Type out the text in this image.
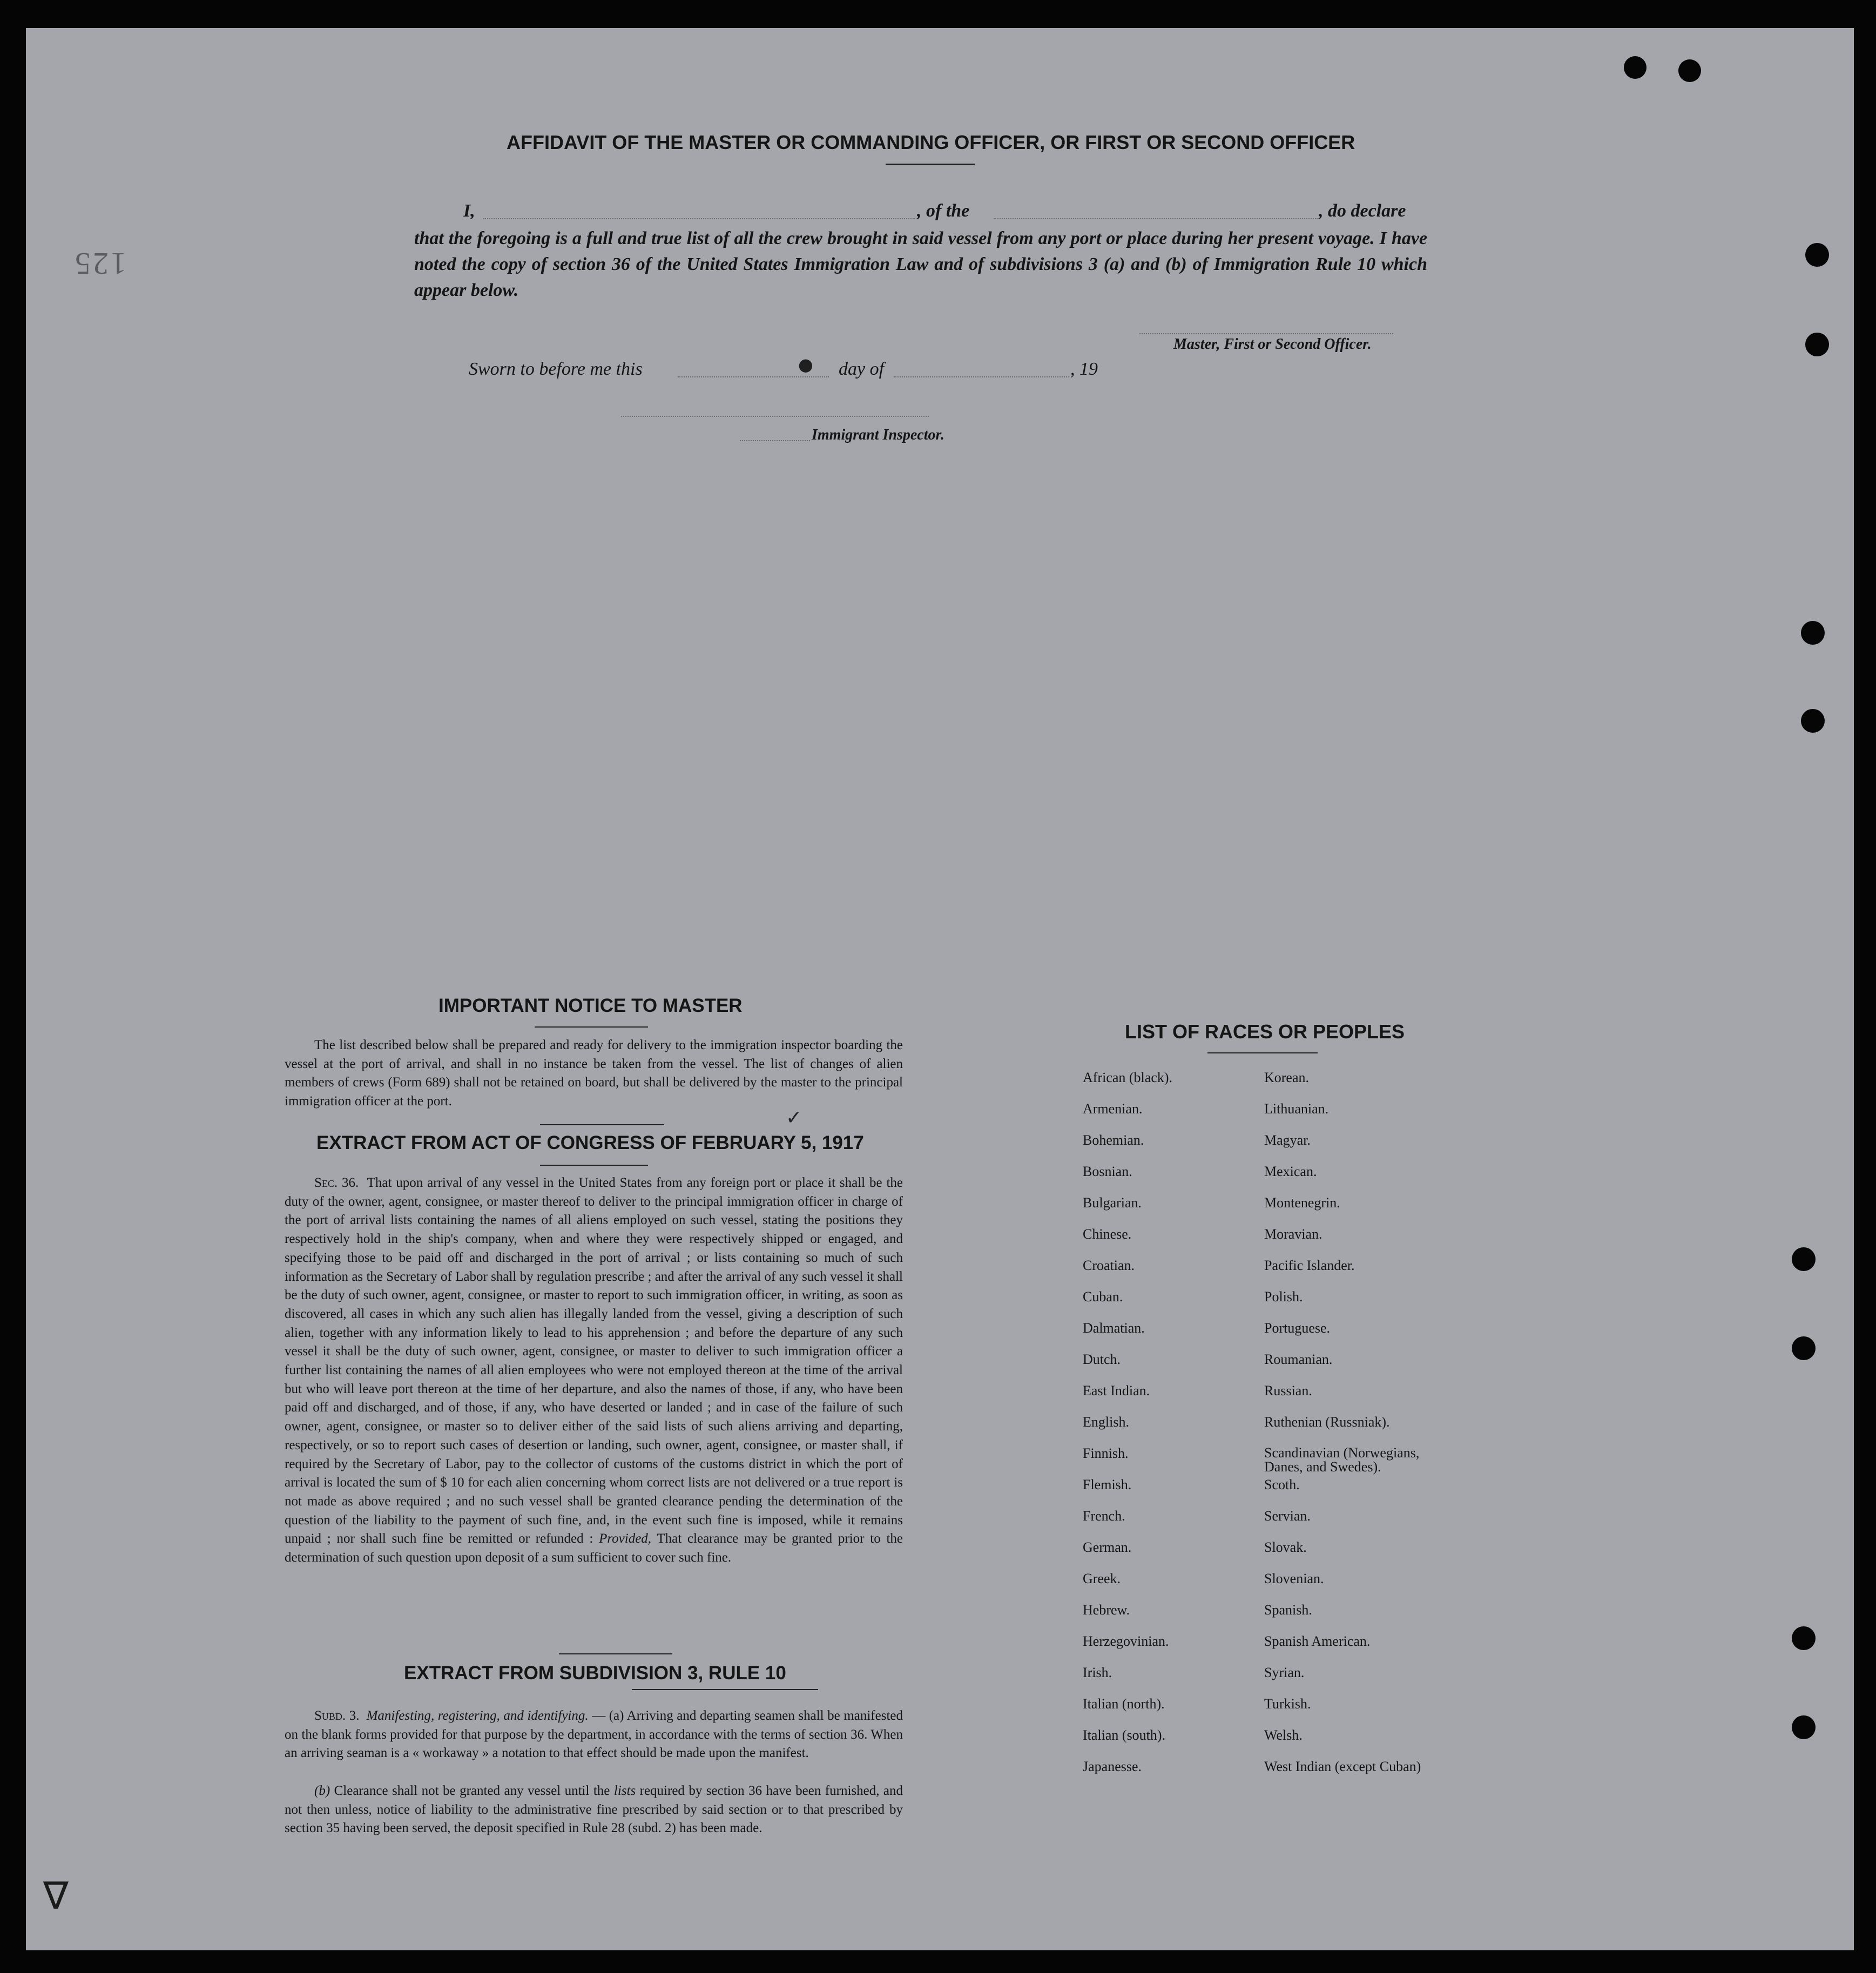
125
AFFIDAVIT OF THE MASTER OR COMMANDING OFFICER, OR FIRST OR SECOND OFFICER
I,	, of the	, do declare
that the foregoing is a full and true list of all the crew brought in said vessel from any port or place during her present voyage. I have noted the copy of section 36 of the United States Immigration Law and of subdivisions 3 (a) and (b) of Immigration Rule 10 which appear below.
Master, First or Second Officer.
Sworn to before me this	● day of	, 19
Immigrant Inspector.
IMPORTANT NOTICE TO MASTER
The list described below shall be prepared and ready for delivery to the immigration inspector boarding the vessel at the port of arrival, and shall in no instance be taken from the vessel. The list of changes of alien members of crews (Form 689) shall not be retained on board, but shall be delivered by the master to the principal immigration officer at the port.
EXTRACT FROM ACT OF CONGRESS OF FEBRUARY 5, 1917
Sec. 36. That upon arrival of any vessel in the United States from any foreign port or place it shall be the duty of the owner, agent, consignee, or master thereof to deliver to the principal immigration officer in charge of the port of arrival lists containing the names of all aliens employed on such vessel, stating the positions they respectively hold in the ship's company, when and where they were respectively shipped or engaged, and specifying those to be paid off and discharged in the port of arrival ; or lists containing so much of such information as the Secretary of Labor shall by regulation prescribe ; and after the arrival of any such vessel it shall be the duty of such owner, agent, consignee, or master to report to such immigration officer, in writing, as soon as discovered, all cases in which any such alien has illegally landed from the vessel, giving a description of such alien, together with any information likely to lead to his apprehension ; and before the departure of any such vessel it shall be the duty of such owner, agent, consignee, or master to deliver to such immigration officer a further list containing the names of all alien employees who were not employed thereon at the time of the arrival but who will leave port thereon at the time of her departure, and also the names of those, if any, who have been paid off and discharged, and of those, if any, who have deserted or landed ; and in case of the failure of such owner, agent, consignee, or master so to deliver either of the said lists of such aliens arriving and departing, respectively, or so to report such cases of desertion or landing, such owner, agent, consignee, or master shall, if required by the Secretary of Labor, pay to the collector of customs of the customs district in which the port of arrival is located the sum of $ 10 for each alien concerning whom correct lists are not delivered or a true report is not made as above required ; and no such vessel shall be granted clearance pending the determination of the question of the liability to the payment of such fine, and, in the event such fine is imposed, while it remains unpaid ; nor shall such fine be remitted or refunded : Provided, That clearance may be granted prior to the determination of such question upon deposit of a sum sufficient to cover such fine.
EXTRACT FROM SUBDIVISION 3, RULE 10
Subd. 3. Manifesting, registering, and identifying. — (a) Arriving and departing seamen shall be manifested on the blank forms provided for that purpose by the department, in accordance with the terms of section 36. When an arriving seaman is a « workaway » a notation to that effect should be made upon the manifest.
(b) Clearance shall not be granted any vessel until the lists required by section 36 have been furnished, and not then unless, notice of liability to the administrative fine prescribed by said section or to that prescribed by section 35 having been served, the deposit specified in Rule 28 (subd. 2) has been made.
LIST OF RACES OR PEOPLES
African (black).	Korean.
Armenian.	Lithuanian.
Bohemian.	Magyar.
Bosnian.	Mexican.
Bulgarian.	Montenegrin.
Chinese.	Moravian.
Croatian.	Pacific Islander.
Cuban.	Polish.
Dalmatian.	Portuguese.
Dutch.	Roumanian.
East Indian.	Russian.
English.	Ruthenian (Russniak).
Finnish.	Scandinavian (Norwegians, Danes, and Swedes).
Flemish.	Scoth.
French.	Servian.
German.	Slovak.
Greek.	Slovenian.
Hebrew.	Spanish.
Herzegovinian.	Spanish American.
Irish.	Syrian.
Italian (north).	Turkish.
Italian (south).	Welsh.
Japanesse.	West Indian (except Cuban)
∇
✓
